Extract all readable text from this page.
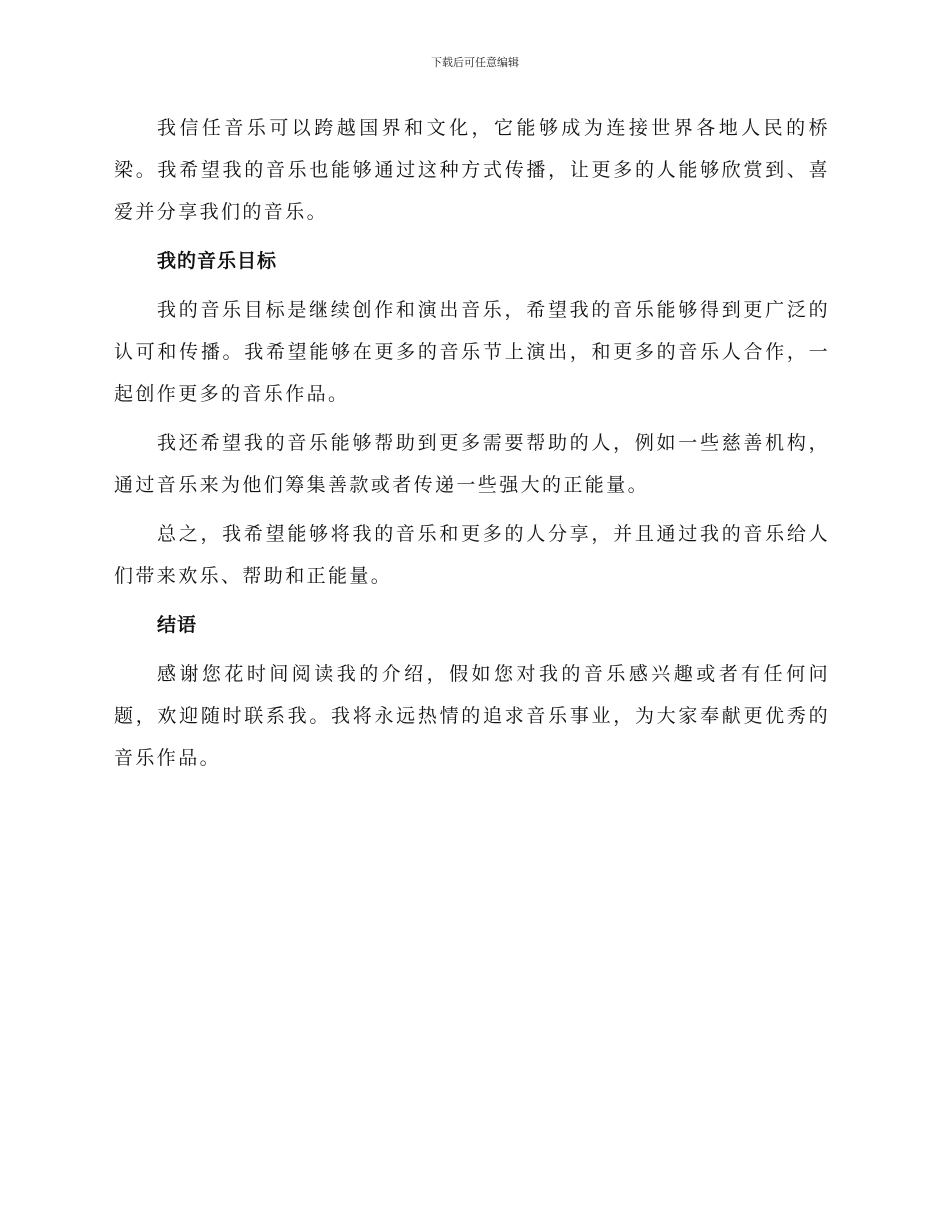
下载后可任意编辑

我信任音乐可以跨越国界和文化，它能够成为连接世界各地人民的桥梁。我希望我的音乐也能够通过这种方式传播，让更多的人能够欣赏到、喜爱并分享我们的音乐。

我的音乐目标

我的音乐目标是继续创作和演出音乐，希望我的音乐能够得到更广泛的认可和传播。我希望能够在更多的音乐节上演出，和更多的音乐人合作，一起创作更多的音乐作品。

我还希望我的音乐能够帮助到更多需要帮助的人，例如一些慈善机构，通过音乐来为他们筹集善款或者传递一些强大的正能量。

总之，我希望能够将我的音乐和更多的人分享，并且通过我的音乐给人们带来欢乐、帮助和正能量。

结语

感谢您花时间阅读我的介绍，假如您对我的音乐感兴趣或者有任何问题，欢迎随时联系我。我将永远热情的追求音乐事业，为大家奉献更优秀的音乐作品。
